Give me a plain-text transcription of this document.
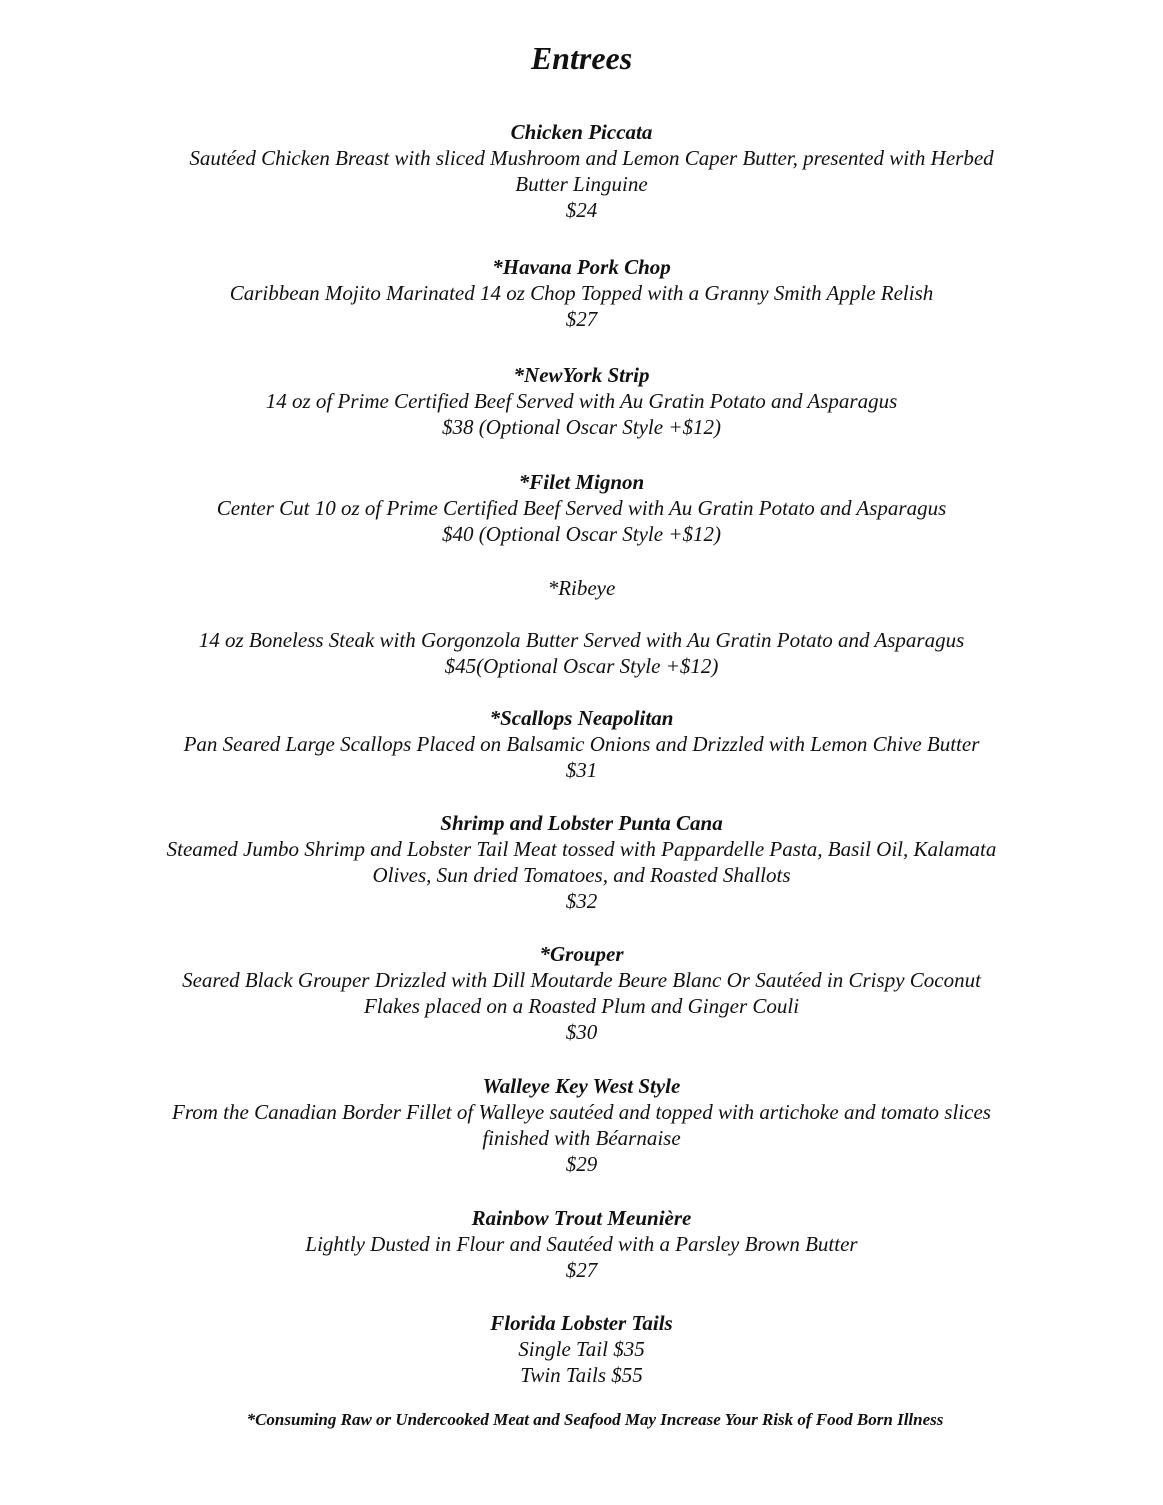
Entrees
Chicken Piccata
Sautéed Chicken Breast with sliced Mushroom and Lemon Caper Butter, presented with Herbed
Butter Linguine
$24
*Havana Pork Chop
Caribbean Mojito Marinated 14 oz Chop Topped with a Granny Smith Apple Relish
$27
*NewYork Strip
14 oz of Prime Certified Beef Served with Au Gratin Potato and Asparagus
$38 (Optional Oscar Style +$12)
*Filet Mignon
Center Cut 10 oz of Prime Certified Beef Served with Au Gratin Potato and Asparagus
$40 (Optional Oscar Style +$12)
*Ribeye
14 oz Boneless Steak with Gorgonzola Butter Served with Au Gratin Potato and Asparagus
$45(Optional Oscar Style +$12)
*Scallops Neapolitan
Pan Seared Large Scallops Placed on Balsamic Onions and Drizzled with Lemon Chive Butter
$31
Shrimp and Lobster Punta Cana
Steamed Jumbo Shrimp and Lobster Tail Meat tossed with Pappardelle Pasta, Basil Oil, Kalamata
Olives, Sun dried Tomatoes, and Roasted Shallots
$32
*Grouper
Seared Black Grouper Drizzled with Dill Moutarde Beure Blanc Or Sautéed in Crispy Coconut
Flakes placed on a Roasted Plum and Ginger Couli
$30
Walleye Key West Style
From the Canadian Border Fillet of Walleye sautéed and topped with artichoke and tomato slices
finished with Béarnaise
$29
Rainbow Trout Meunière
Lightly Dusted in Flour and Sautéed with a Parsley Brown Butter
$27
Florida Lobster Tails
Single Tail $35
Twin Tails $55
*Consuming Raw or Undercooked Meat and Seafood May Increase Your Risk of Food Born Illness
